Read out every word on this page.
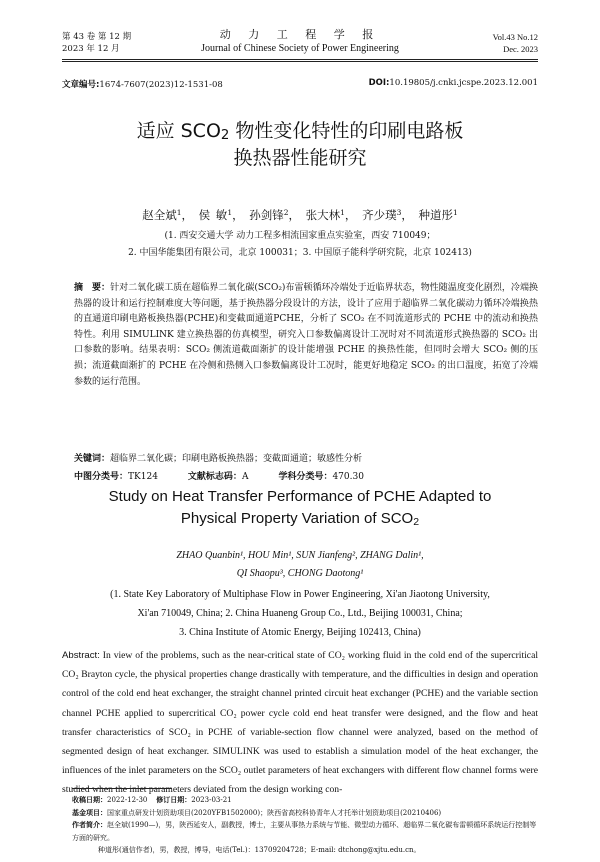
第 43 卷 第 12 期
2023 年 12 月
动 力 工 程 学 报
Journal of Chinese Society of Power Engineering
Vol.43 No.12
Dec. 2023
文章编号:1674-7607(2023)12-1531-08	DOI:10.19805/j.cnki.jcspe.2023.12.001
适应 $SCO_2$ 物性变化特性的印刷电路板
换热器性能研究
赵全斌$^1$， 侯 敏$^1$， 孙剑锋$^2$， 张大林$^1$， 齐少璞$^3$， 种道彤$^1$
(1. 西安交通大学 动力工程多相流国家重点实验室，西安 710049；
2. 中国华能集团有限公司，北京 100031；3. 中国原子能科学研究院，北京 102413)
摘　要：针对二氧化碳工质在超临界二氧化碳(SCO₂)布雷顿循环冷端处于近临界状态，物性随温度变化剧烈，冷端换热器的设计和运行控制难度大等问题，基于换热器分段设计的方法，设计了应用于超临界二氧化碳动力循环冷端换热的直通道印刷电路板换热器(PCHE)和变截面通道PCHE，分析了 SCO₂ 在不同流道形式的 PCHE 中的流动和换热特性。利用 SIMULINK 建立换热器的仿真模型，研究入口参数偏离设计工况时对不同流道形式换热器的 SCO₂ 出口参数的影响。结果表明：SCO₂ 侧流道截面渐扩的设计能增强 PCHE 的换热性能，但同时会增大 SCO₂ 侧的压损；流道截面渐扩的 PCHE 在冷侧和热侧入口参数偏离设计工况时，能更好地稳定 SCO₂ 的出口温度，拓宽了冷端参数的运行范围。
关键词：超临界二氧化碳；印刷电路板换热器；变截面通道；敏感性分析
中图分类号：TK124	文献标志码：A	学科分类号：470.30
Study on Heat Transfer Performance of PCHE Adapted to
Physical Property Variation of $SCO_2$
ZHAO Quanbin¹, HOU Min¹, SUN Jianfeng², ZHANG Dalin¹,
QI Shaopu³, CHONG Daotong¹
(1. State Key Laboratory of Multiphase Flow in Power Engineering, Xi'an Jiaotong University,
Xi'an 710049, China; 2. China Huaneng Group Co., Ltd., Beijing 100031, China;
3. China Institute of Atomic Energy, Beijing 102413, China)
Abstract: In view of the problems, such as the near-critical state of CO₂ working fluid in the cold end of the supercritical CO₂ Brayton cycle, the physical properties change drastically with temperature, and the difficulties in design and operation control of the cold end heat exchanger, the straight channel printed circuit heat exchanger (PCHE) and the variable section channel PCHE applied to supercritical CO₂ power cycle cold end heat transfer were designed, and the flow and heat transfer characteristics of SCO₂ in PCHE of variable-section flow channel were analyzed, based on the method of segmented design of heat exchanger. SIMULINK was used to establish a simulation model of the heat exchanger, the influences of the inlet parameters on the SCO₂ outlet parameters of heat exchangers with different flow channel forms were studied when the inlet parameters deviated from the design working con-
收稿日期：2022-12-30 修订日期：2023-03-21
基金项目：国家重点研发计划资助项目(2020YFB1502000)；陕西省高校科协青年人才托举计划资助项目(20210406)
作者简介：赵全斌(1990—)，男，陕西延安人，副教授，博士，主要从事热力系统与节能、微型动力循环、超临界二氧化碳布雷顿循环系统运行控制等方面的研究。
种道彤(通信作者)，男，教授，博导，电话(Tel.)：13709204728；E-mail: dtchong@xjtu.edu.cn。
